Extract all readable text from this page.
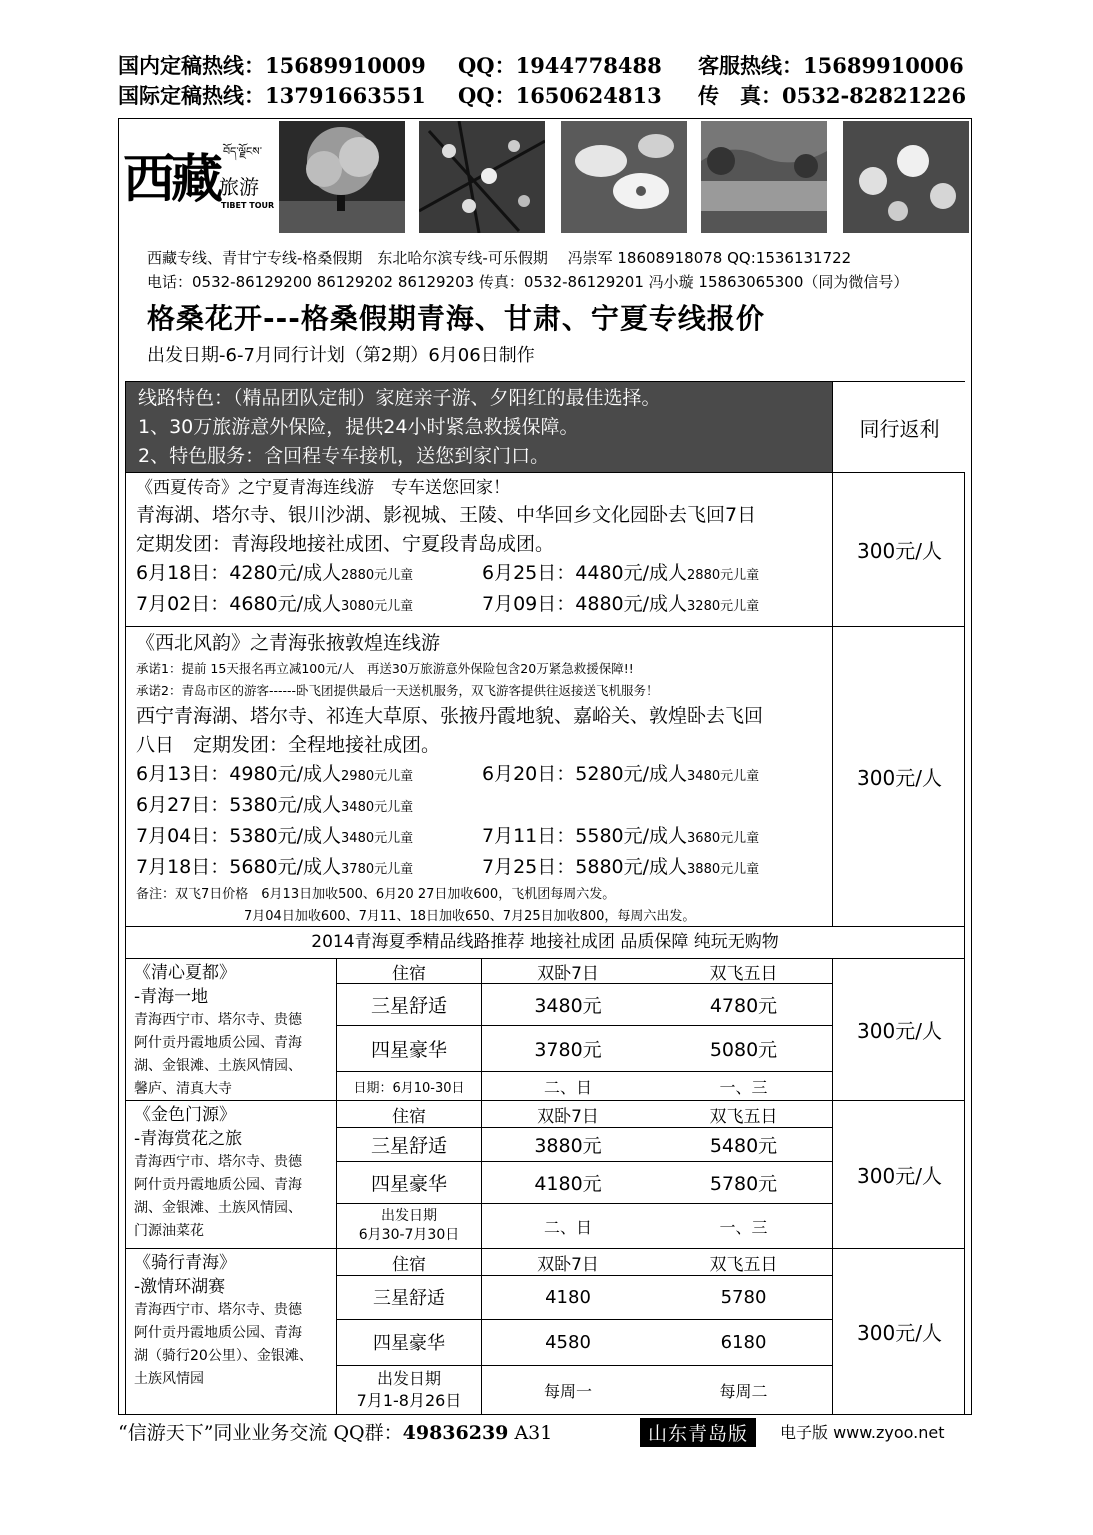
国内定稿热线：15689910009	QQ：1944778488	客服热线：15689910006
国际定稿热线：13791663551	QQ：1650624813	传　真：0532-82821226
西藏 བོད་ལྗོངས་
旅游
TIBET TOUR
西藏专线、青甘宁专线-格桑假期　东北哈尔滨专线-可乐假期　 冯崇军 18608918078 QQ:1536131722
电话：0532-86129200 86129202 86129203 传真：0532-86129201 冯小璇 15863065300（同为微信号）
格桑花开---格桑假期青海、甘肃、宁夏专线报价
出发日期-6-7月同行计划（第2期）6月06日制作
线路特色：（精品团队定制）家庭亲子游、夕阳红的最佳选择。
1、30万旅游意外保险，提供24小时紧急救援保障。
2、特色服务：含回程专车接机，送您到家门口。
同行返利
《西夏传奇》之宁夏青海连线游　专车送您回家！
青海湖、塔尔寺、银川沙湖、影视城、王陵、中华回乡文化园卧去飞回7日
定期发团：青海段地接社成团、宁夏段青岛成团。
6月18日：4280元/成人2880元儿童	6月25日：4480元/成人2880元儿童
7月02日：4680元/成人3080元儿童	7月09日：4880元/成人3280元儿童
300元/人
《西北风韵》之青海张掖敦煌连线游
承诺1：提前 15天报名再立减100元/人　再送30万旅游意外保险包含20万紧急救援保障!!
承诺2：青岛市区的游客------卧飞团提供最后一天送机服务，双飞游客提供往返接送飞机服务！
西宁青海湖、塔尔寺、祁连大草原、张掖丹霞地貌、嘉峪关、敦煌卧去飞回
八日　定期发团：全程地接社成团。
6月13日：4980元/成人2980元儿童	6月20日：5280元/成人3480元儿童
6月27日：5380元/成人3480元儿童
7月04日：5380元/成人3480元儿童	7月11日：5580元/成人3680元儿童
7月18日：5680元/成人3780元儿童	7月25日：5880元/成人3880元儿童
备注：双飞7日价格　6月13日加收500、6月20 27日加收600，飞机团每周六发。
7月04日加收600、7月11、18日加收650、7月25日加收800，每周六出发。
300元/人
2014青海夏季精品线路推荐 地接社成团 品质保障 纯玩无购物
《清心夏都》
-青海一地
青海西宁市、塔尔寺、贵德
阿什贡丹霞地质公园、青海
湖、金银滩、土族风情园、
馨庐、清真大寺
住宿	双卧7日	双飞五日
三星舒适	3480元	4780元
四星豪华	3780元	5080元
日期：6月10-30日	二、日	一、三
300元/人
《金色门源》
-青海赏花之旅
青海西宁市、塔尔寺、贵德
阿什贡丹霞地质公园、青海
湖、金银滩、土族风情园、
门源油菜花
住宿	双卧7日	双飞五日
三星舒适	3880元	5480元
四星豪华	4180元	5780元
出发日期
6月30-7月30日	二、日	一、三
300元/人
《骑行青海》
-激情环湖赛
青海西宁市、塔尔寺、贵德
阿什贡丹霞地质公园、青海
湖（骑行20公里）、金银滩、
土族风情园
住宿	双卧7日	双飞五日
三星舒适	4180	5780
四星豪华	4580	6180
出发日期
7月1-8月26日	每周一	每周二
300元/人
“信游天下”同业业务交流 QQ群：49836239 A31	山东青岛版	电子版 www.zyoo.net
